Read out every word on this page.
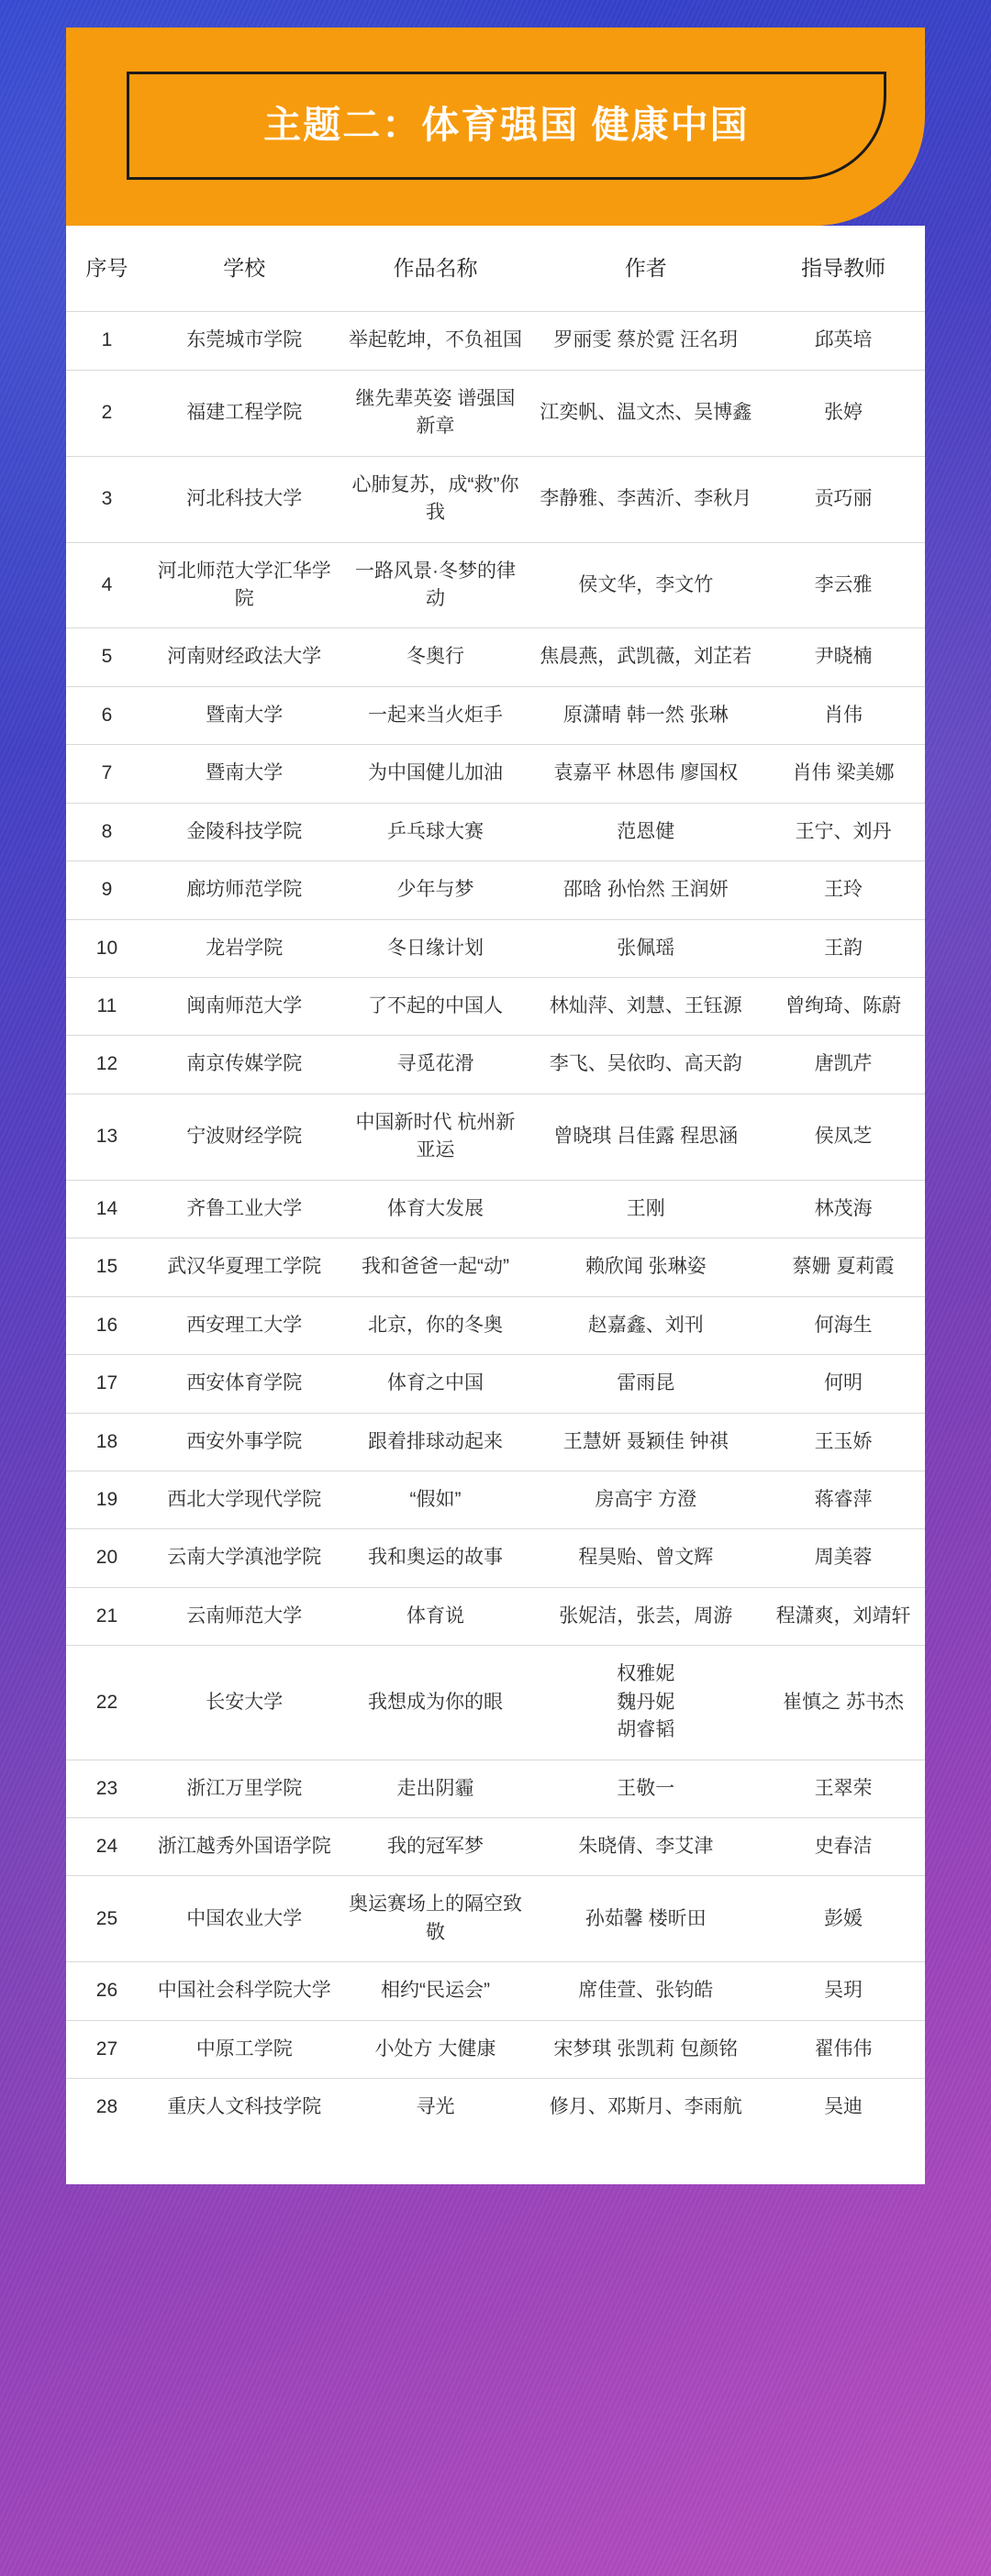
主题二：体育强国 健康中国
序号	学校	作品名称	作者	指导教师
1	东莞城市学院	举起乾坤，不负祖国	罗丽雯 蔡於霓 汪名玥	邱英培
2	福建工程学院	继先辈英姿 谱强国新章	江奕帆、温文杰、吴博鑫	张婷
3	河北科技大学	心肺复苏，成“救”你我	李静雅、李茜沂、李秋月	贡巧丽
4	河北师范大学汇华学院	一路风景·冬梦的律动	侯文华，李文竹	李云雅
5	河南财经政法大学	冬奥行	焦晨燕，武凯薇，刘芷若	尹晓楠
6	暨南大学	一起来当火炬手	原潇晴 韩一然 张琳	肖伟
7	暨南大学	为中国健儿加油	袁嘉平 林恩伟 廖国权	肖伟 梁美娜
8	金陵科技学院	乒乓球大赛	范恩健	王宁、刘丹
9	廊坊师范学院	少年与梦	邵晗 孙怡然 王润妍	王玲
10	龙岩学院	冬日缘计划	张佩瑶	王韵
11	闽南师范大学	了不起的中国人	林灿萍、刘慧、王钰源	曾绚琦、陈蔚
12	南京传媒学院	寻觅花滑	李飞、吴依昀、高天韵	唐凯芹
13	宁波财经学院	中国新时代 杭州新亚运	曾晓琪 吕佳露 程思涵	侯凤芝
14	齐鲁工业大学	体育大发展	王刚	林茂海
15	武汉华夏理工学院	我和爸爸一起“动”	赖欣闻 张琳姿	蔡姗 夏莉霞
16	西安理工大学	北京，你的冬奥	赵嘉鑫、刘刊	何海生
17	西安体育学院	体育之中国	雷雨昆	何明
18	西安外事学院	跟着排球动起来	王慧妍 聂颖佳 钟祺	王玉娇
19	西北大学现代学院	“假如”	房高宇 方澄	蒋睿萍
20	云南大学滇池学院	我和奥运的故事	程昊贻、曾文辉	周美蓉
21	云南师范大学	体育说	张妮洁，张芸，周游	程潇爽，刘靖轩
22	长安大学	我想成为你的眼	权雅妮
魏丹妮
胡睿韬	崔慎之 苏书杰
23	浙江万里学院	走出阴霾	王敬一	王翠荣
24	浙江越秀外国语学院	我的冠军梦	朱晓倩、李艾津	史春洁
25	中国农业大学	奥运赛场上的隔空致敬	孙茹馨 楼昕田	彭媛
26	中国社会科学院大学	相约“民运会”	席佳萱、张钧皓	吴玥
27	中原工学院	小处方 大健康	宋梦琪 张凯莉 包颜铭	翟伟伟
28	重庆人文科技学院	寻光	修月、邓斯月、李雨航	吴迪
